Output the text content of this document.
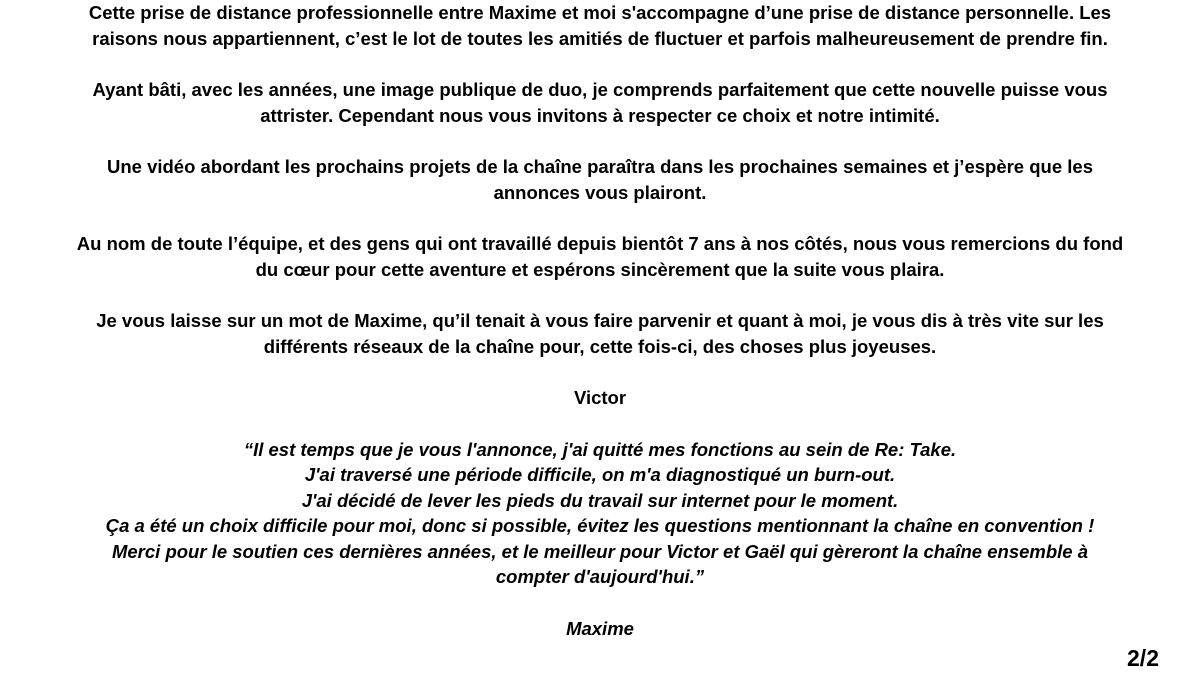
Cette prise de distance professionnelle entre Maxime et moi s'accompagne d’une prise de distance personnelle. Les
raisons nous appartiennent, c’est le lot de toutes les amitiés de fluctuer et parfois malheureusement de prendre fin.

Ayant bâti, avec les années, une image publique de duo, je comprends parfaitement que cette nouvelle puisse vous
attrister. Cependant nous vous invitons à respecter ce choix et notre intimité.

Une vidéo abordant les prochains projets de la chaîne paraîtra dans les prochaines semaines et j’espère que les
annonces vous plairont.

Au nom de toute l’équipe, et des gens qui ont travaillé depuis bientôt 7 ans à nos côtés, nous vous remercions du fond
du cœur pour cette aventure et espérons sincèrement que la suite vous plaira.

Je vous laisse sur un mot de Maxime, qu’il tenait à vous faire parvenir et quant à moi, je vous dis à très vite sur les
différents réseaux de la chaîne pour, cette fois-ci, des choses plus joyeuses.

Victor

“Il est temps que je vous l'annonce, j'ai quitté mes fonctions au sein de Re: Take.
J'ai traversé une période difficile, on m'a diagnostiqué un burn-out.
J'ai décidé de lever les pieds du travail sur internet pour le moment.
Ça a été un choix difficile pour moi, donc si possible, évitez les questions mentionnant la chaîne en convention !
Merci pour le soutien ces dernières années, et le meilleur pour Victor et Gaël qui gèreront la chaîne ensemble à
compter d'aujourd'hui.”

Maxime

2/2
